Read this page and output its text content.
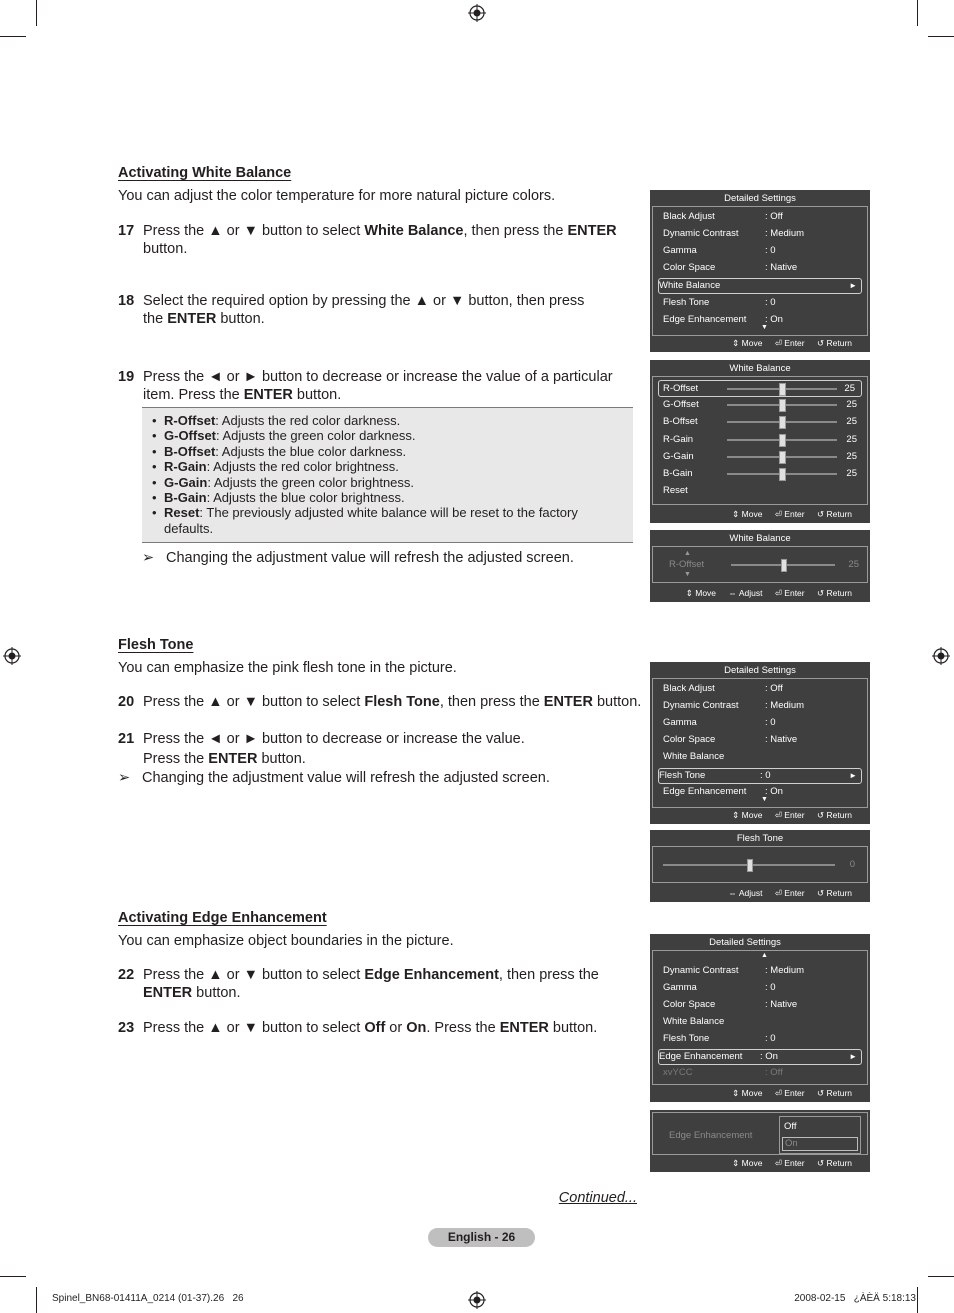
Activating White Balance
You can adjust the color temperature for more natural picture colors.
17 Press the ▲ or ▼ button to select White Balance, then press the ENTER button.
18 Select the required option by pressing the ▲ or ▼ button, then press the ENTER button.
19 Press the ◄ or ► button to decrease or increase the value of a particular item. Press the ENTER button.
• R-Offset: Adjusts the red color darkness.
• G-Offset: Adjusts the green color darkness.
• B-Offset: Adjusts the blue color darkness.
• R-Gain: Adjusts the red color brightness.
• G-Gain: Adjusts the green color brightness.
• B-Gain: Adjusts the blue color brightness.
• Reset: The previously adjusted white balance will be reset to the factory defaults.
➢ Changing the adjustment value will refresh the adjusted screen.
Flesh Tone
You can emphasize the pink flesh tone in the picture.
20 Press the ▲ or ▼ button to select Flesh Tone, then press the ENTER button.
21 Press the ◄ or ► button to decrease or increase the value.
Press the ENTER button.
➢ Changing the adjustment value will refresh the adjusted screen.
Activating Edge Enhancement
You can emphasize object boundaries in the picture.
22 Press the ▲ or ▼ button to select Edge Enhancement, then press the ENTER button.
23 Press the ▲ or ▼ button to select Off or On. Press the ENTER button.
Detailed Settings
Black Adjust	: Off
Dynamic Contrast	: Medium
Gamma	: 0
Color Space	: Native
White Balance	►
Flesh Tone	: 0
Edge Enhancement : On
▼
⇕ Move ⏎ Enter ↺ Return
White Balance
R-Offset	25
G-Offset	25
B-Offset	25
R-Gain	25
G-Gain	25
B-Gain	25
Reset
⇕ Move ⏎ Enter ↺ Return
White Balance
▲
R-Offset
▼
25
⇕ Move ⇔ Adjust ⏎ Enter ↺ Return
Detailed Settings
Black Adjust	: Off
Dynamic Contrast	: Medium
Gamma	: 0
Color Space	: Native
White Balance
Flesh Tone	: 0	►
Edge Enhancement : On
▼
⇕ Move ⏎ Enter ↺ Return
Flesh Tone
0
⇔ Adjust ⏎ Enter ↺ Return
Detailed Settings
▲
Dynamic Contrast	: Medium
Gamma	: 0
Color Space	: Native
White Balance
Flesh Tone	: 0
Edge Enhancement : On	►
xvYCC	: Off
⇕ Move ⏎ Enter ↺ Return
Edge Enhancement
Off
On
⇕ Move ⏎ Enter ↺ Return
Continued...
English - 26
Spinel_BN68-01411A_0214 (01-37).26   26	2008-02-15   ¿ÀÈÄ 5:18:13
